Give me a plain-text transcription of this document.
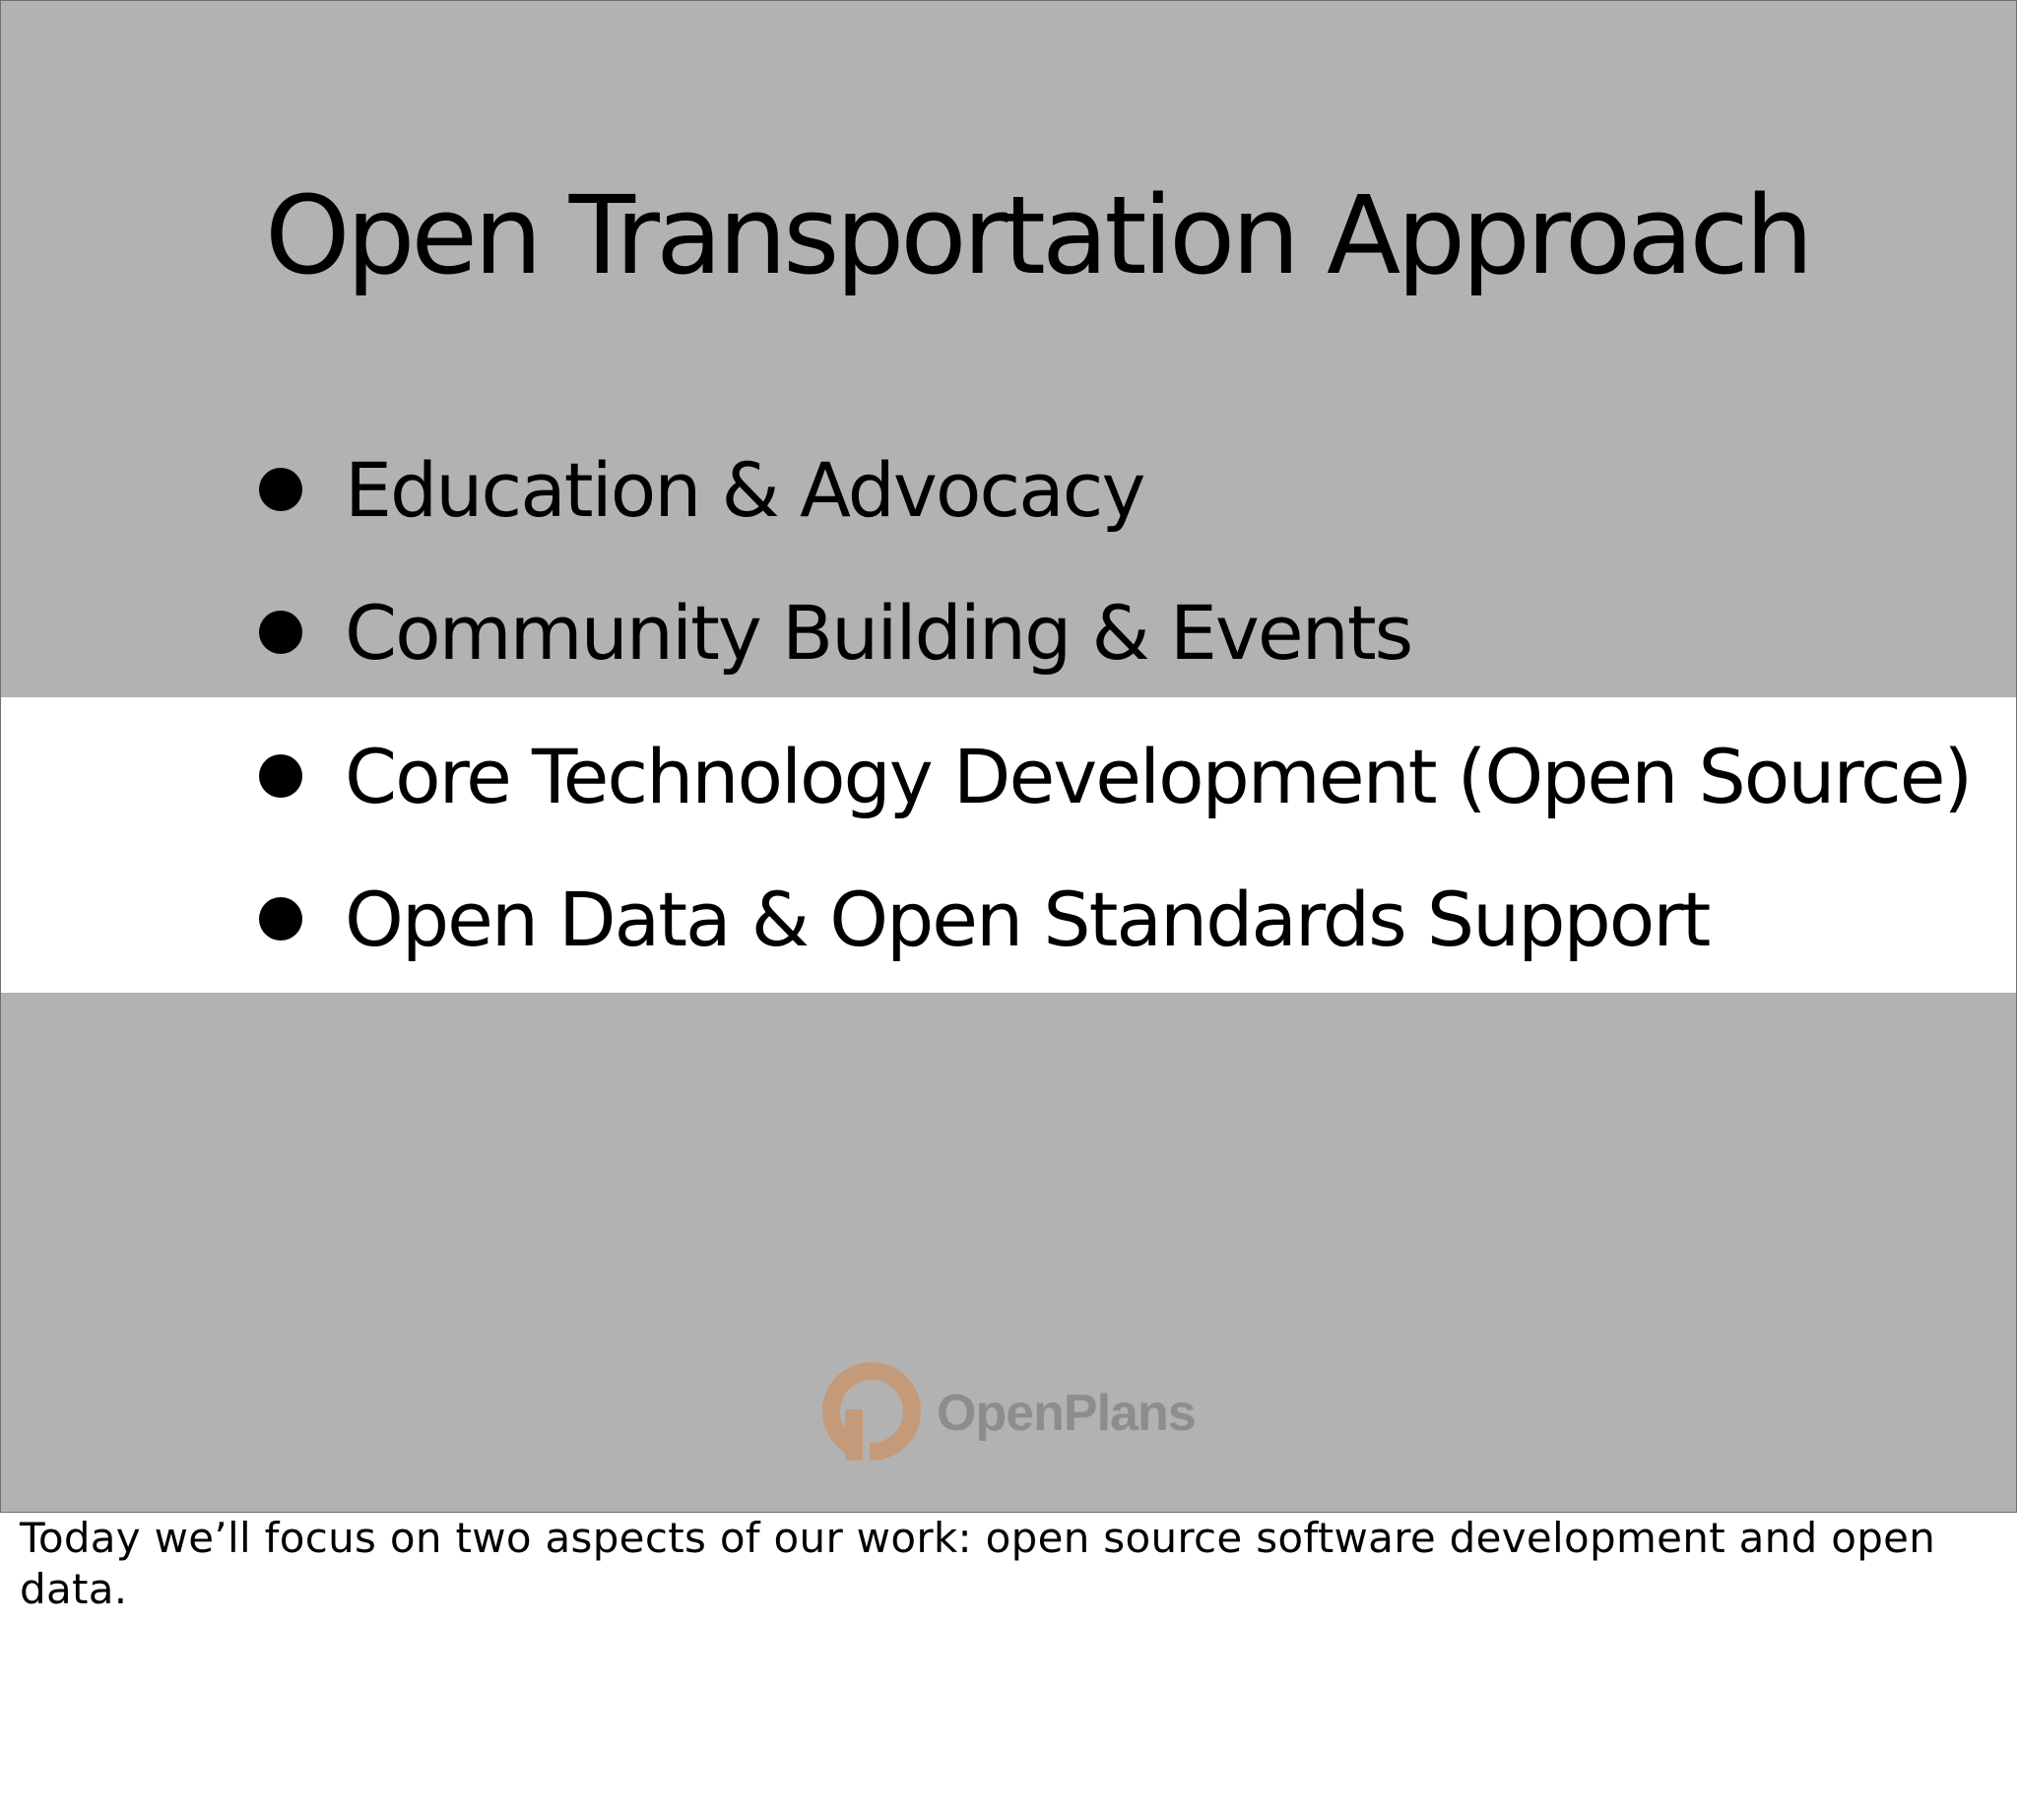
Open Transportation Approach
Education & Advocacy
Community Building & Events
Core Technology Development (Open Source)
Open Data & Open Standards Support
OpenPlans

Today we’ll focus on two aspects of our work: open source software development and open data.
